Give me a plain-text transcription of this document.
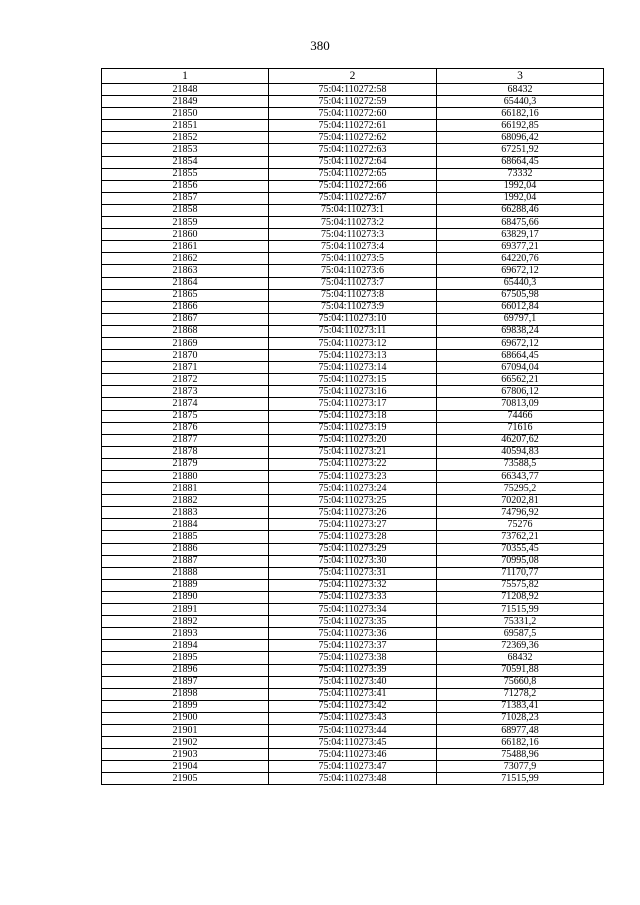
380
1	2	3
21848	75:04:110272:58	68432
21849	75:04:110272:59	65440,3
21850	75:04:110272:60	66182,16
21851	75:04:110272:61	66192,85
21852	75:04:110272:62	68096,42
21853	75:04:110272:63	67251,92
21854	75:04:110272:64	68664,45
21855	75:04:110272:65	73332
21856	75:04:110272:66	1992,04
21857	75:04:110272:67	1992,04
21858	75:04:110273:1	66288,46
21859	75:04:110273:2	68475,66
21860	75:04:110273:3	63829,17
21861	75:04:110273:4	69377,21
21862	75:04:110273:5	64220,76
21863	75:04:110273:6	69672,12
21864	75:04:110273:7	65440,3
21865	75:04:110273:8	67505,98
21866	75:04:110273:9	66012,84
21867	75:04:110273:10	69797,1
21868	75:04:110273:11	69838,24
21869	75:04:110273:12	69672,12
21870	75:04:110273:13	68664,45
21871	75:04:110273:14	67094,04
21872	75:04:110273:15	66562,21
21873	75:04:110273:16	67806,12
21874	75:04:110273:17	70813,09
21875	75:04:110273:18	74466
21876	75:04:110273:19	71616
21877	75:04:110273:20	46207,62
21878	75:04:110273:21	40594,83
21879	75:04:110273:22	73588,5
21880	75:04:110273:23	66343,77
21881	75:04:110273:24	75295,2
21882	75:04:110273:25	70202,81
21883	75:04:110273:26	74796,92
21884	75:04:110273:27	75276
21885	75:04:110273:28	73762,21
21886	75:04:110273:29	70355,45
21887	75:04:110273:30	70995,08
21888	75:04:110273:31	71170,77
21889	75:04:110273:32	75575,82
21890	75:04:110273:33	71208,92
21891	75:04:110273:34	71515,99
21892	75:04:110273:35	75331,2
21893	75:04:110273:36	69587,5
21894	75:04:110273:37	72369,36
21895	75:04:110273:38	68432
21896	75:04:110273:39	70591,88
21897	75:04:110273:40	75660,8
21898	75:04:110273:41	71278,2
21899	75:04:110273:42	71383,41
21900	75:04:110273:43	71028,23
21901	75:04:110273:44	68977,48
21902	75:04:110273:45	66182,16
21903	75:04:110273:46	75488,96
21904	75:04:110273:47	73077,9
21905	75:04:110273:48	71515,99
